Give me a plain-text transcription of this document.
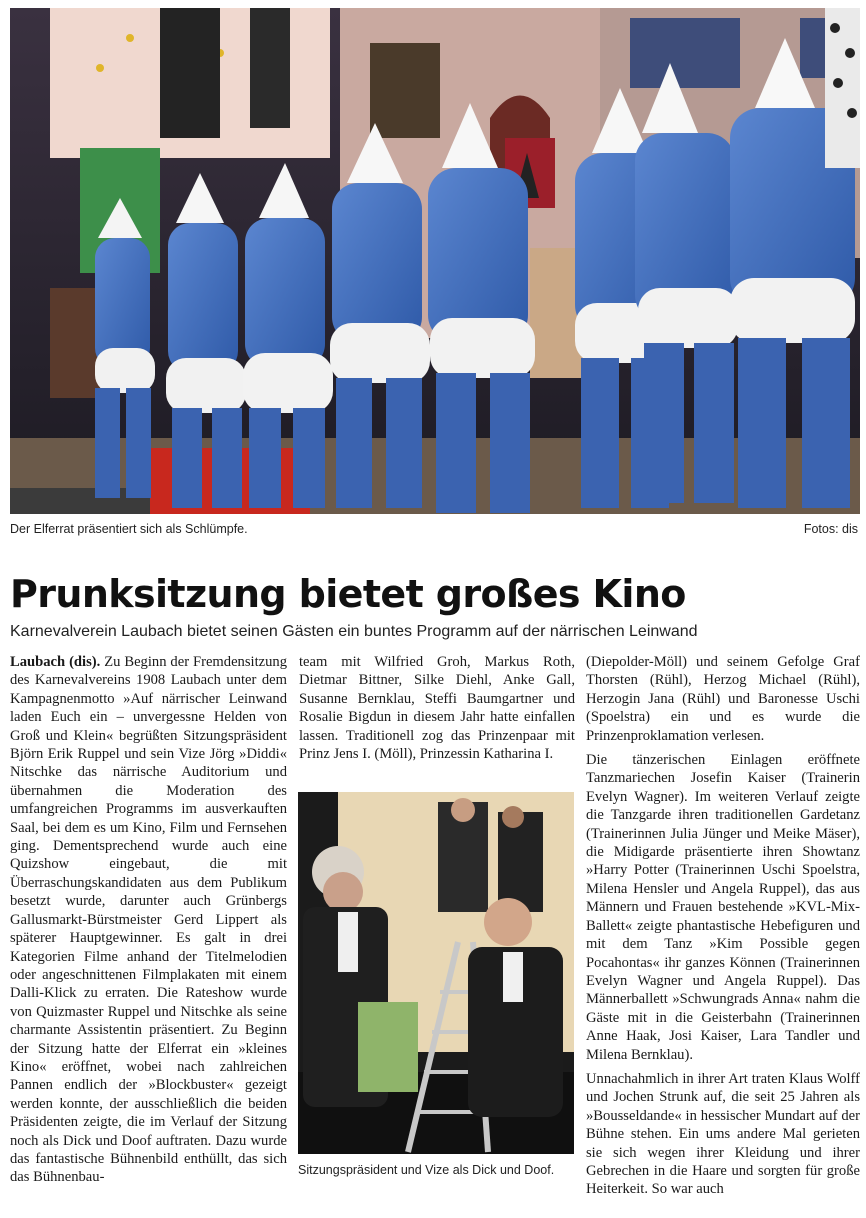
Der Elferrat präsentiert sich als Schlümpfe.	Fotos: dis
Prunksitzung bietet großes Kino
Karnevalverein Laubach bietet seinen Gästen ein buntes Programm auf der närrischen Leinwand

Laubach (dis). Zu Beginn der Fremdensitzung des Karnevalvereins 1908 Laubach unter dem Kampagnenmotto »Auf närrischer Leinwand laden Euch ein – unvergessne Helden von Groß und Klein« begrüßten Sitzungspräsident Björn Erik Ruppel und sein Vize Jörg »Diddi« Nitschke das närrische Auditorium und übernahmen die Moderation des umfangreichen Programms im ausverkauften Saal, bei dem es um Kino, Film und Fernsehen ging. Dementsprechend wurde auch eine Quizshow eingebaut, die mit Überraschungskandidaten aus dem Publikum besetzt wurde, darunter auch Grünbergs Gallusmarkt-Bürstmeister Gerd Lippert als späterer Hauptgewinner. Es galt in drei Kategorien Filme anhand der Titelmelodien oder angeschnittenen Filmplakaten mit einem Dalli-Klick zu erraten. Die Rateshow wurde von Quizmaster Ruppel und Nitschke als seine charmante Assistentin präsentiert. Zu Beginn der Sitzung hatte der Elferrat ein »kleines Kino« eröffnet, wobei nach zahlreichen Pannen endlich der »Blockbuster« gezeigt werden konnte, der ausschließlich die beiden Präsidenten zeigte, die im Verlauf der Sitzung noch als Dick und Doof auftraten. Dazu wurde das fantastische Bühnenbild enthüllt, das sich das Bühnenbau-

team mit Wilfried Groh, Markus Roth, Dietmar Bittner, Silke Diehl, Anke Gall, Susanne Bernklau, Steffi Baumgartner und Rosalie Bigdun in diesem Jahr hatte einfallen lassen. Traditionell zog das Prinzenpaar mit Prinz Jens I. (Möll), Prinzessin Katharina I.

Sitzungspräsident und Vize als Dick und Doof.

(Diepolder-Möll) und seinem Gefolge Graf Thorsten (Rühl), Herzog Michael (Rühl), Herzogin Jana (Rühl) und Baronesse Uschi (Spoelstra) ein und es wurde die Prinzenproklamation verlesen.

Die tänzerischen Einlagen eröffnete Tanzmariechen Josefin Kaiser (Trainerin Evelyn Wagner). Im weiteren Verlauf zeigte die Tanzgarde ihren traditionellen Gardetanz (Trainerinnen Julia Jünger und Meike Mäser), die Midigarde präsentierte ihren Showtanz »Harry Potter (Trainerinnen Uschi Spoelstra, Milena Hensler und Angela Ruppel), das aus Männern und Frauen bestehende »KVL-Mix-Ballett« zeigte phantastische Hebefiguren und mit dem Tanz »Kim Possible gegen Pocahontas« ihr ganzes Können (Trainerinnen Evelyn Wagner und Angela Ruppel). Das Männerballett »Schwungrads Anna« nahm die Gäste mit in die Geisterbahn (Trainerinnen Anne Haak, Josi Kaiser, Lara Tandler und Milena Bernklau).

Unnachahmlich in ihrer Art traten Klaus Wolff und Jochen Strunk auf, die seit 25 Jahren als »Bousseldande« in hessischer Mundart auf der Bühne stehen. Ein ums andere Mal gerieten sie sich wegen ihrer Kleidung und ihrer Gebrechen in die Haare und sorgten für große Heiterkeit. So war auch
